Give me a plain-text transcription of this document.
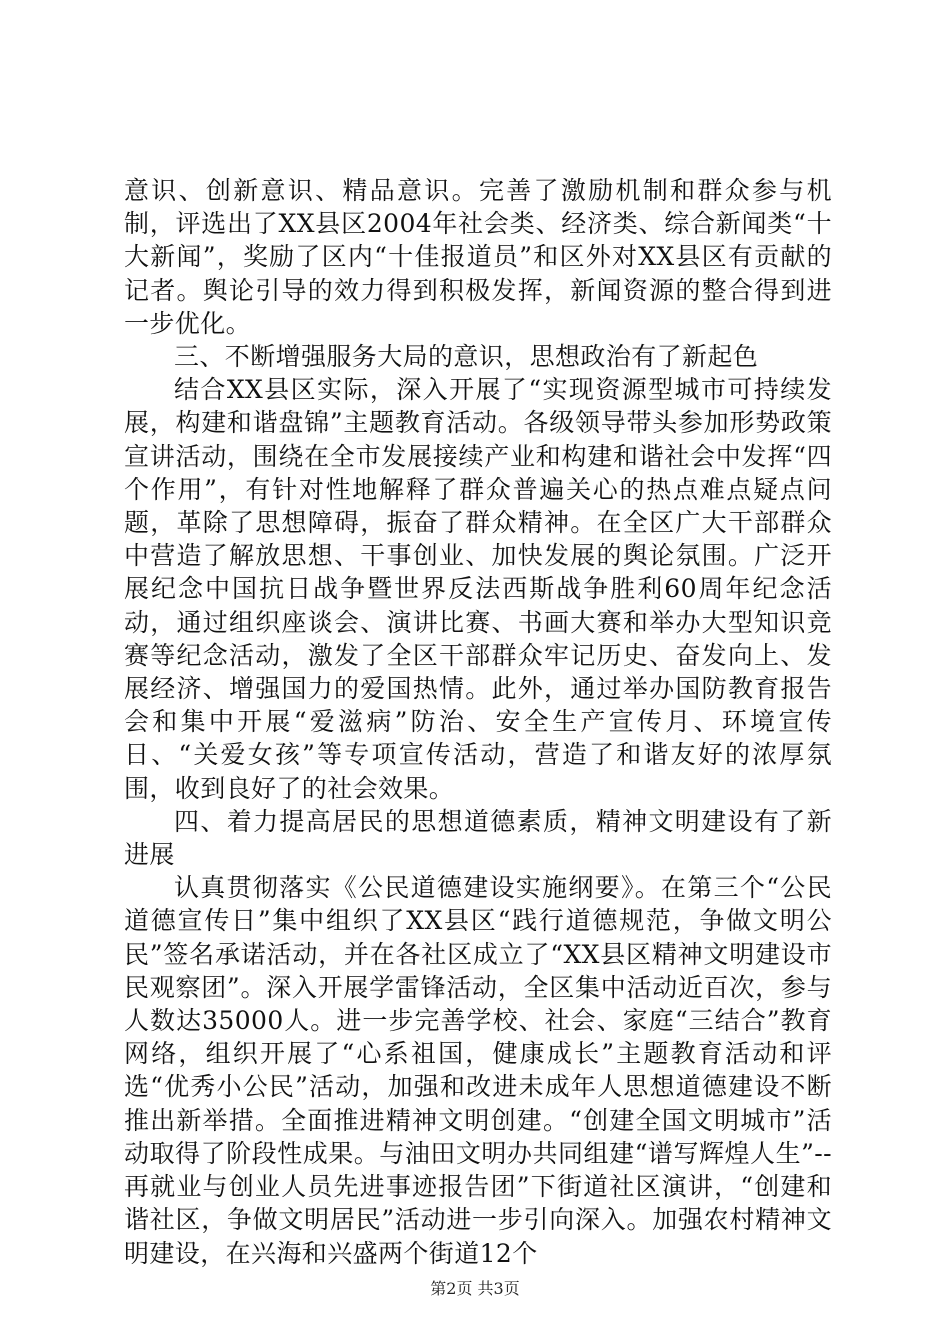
意识、创新意识、精品意识。完善了激励机制和群众参与机制，评选出了XX县区2004年社会类、经济类、综合新闻类“十大新闻”，奖励了区内“十佳报道员”和区外对XX县区有贡献的记者。舆论引导的效力得到积极发挥，新闻资源的整合得到进一步优化。

三、不断增强服务大局的意识，思想政治有了新起色

结合XX县区实际，深入开展了“实现资源型城市可持续发展，构建和谐盘锦”主题教育活动。各级领导带头参加形势政策宣讲活动，围绕在全市发展接续产业和构建和谐社会中发挥“四个作用”，有针对性地解释了群众普遍关心的热点难点疑点问题，革除了思想障碍，振奋了群众精神。在全区广大干部群众中营造了解放思想、干事创业、加快发展的舆论氛围。广泛开展纪念中国抗日战争暨世界反法西斯战争胜利60周年纪念活动，通过组织座谈会、演讲比赛、书画大赛和举办大型知识竞赛等纪念活动，激发了全区干部群众牢记历史、奋发向上、发展经济、增强国力的爱国热情。此外，通过举办国防教育报告会和集中开展“爱滋病”防治、安全生产宣传月、环境宣传日、“关爱女孩”等专项宣传活动，营造了和谐友好的浓厚氛围，收到良好了的社会效果。

四、着力提高居民的思想道德素质，精神文明建设有了新进展

认真贯彻落实《公民道德建设实施纲要》。在第三个“公民道德宣传日”集中组织了XX县区“践行道德规范，争做文明公民”签名承诺活动，并在各社区成立了“XX县区精神文明建设市民观察团”。深入开展学雷锋活动，全区集中活动近百次，参与人数达35000人。进一步完善学校、社会、家庭“三结合”教育网络，组织开展了“心系祖国，健康成长”主题教育活动和评选“优秀小公民”活动，加强和改进未成年人思想道德建设不断推出新举措。全面推进精神文明创建。“创建全国文明城市”活动取得了阶段性成果。与油田文明办共同组建“谱写辉煌人生”--再就业与创业人员先进事迹报告团”下街道社区演讲，“创建和谐社区，争做文明居民”活动进一步引向深入。加强农村精神文明建设，在兴海和兴盛两个街道12个

第2页 共3页
